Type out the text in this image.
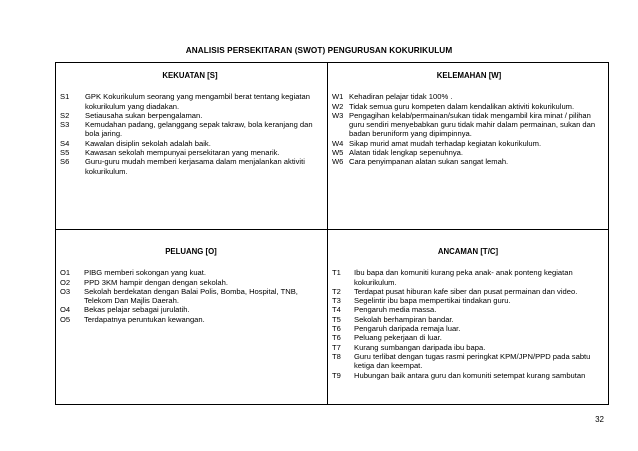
ANALISIS PERSEKITARAN (SWOT) PENGURUSAN KOKURIKULUM
KEKUATAN [S]
S1	GPK Kokurikulum seorang yang mengambil berat tentang kegiatan kokurikulum yang diadakan.
S2	Setiausaha sukan berpengalaman.
S3	Kemudahan padang, gelanggang sepak takraw, bola keranjang dan bola jaring.
S4	Kawalan disiplin sekolah adalah baik.
S5	Kawasan sekolah mempunyai persekitaran yang menarik.
S6	Guru-guru mudah memberi kerjasama dalam menjalankan aktiviti kokurikulum.
KELEMAHAN [W]
W1 Kehadiran pelajar tidak 100% .
W2 Tidak semua guru kompeten dalam kendalikan aktiviti kokurikulum.
W3 Pengagihan kelab/permainan/sukan tidak mengambil kira minat / pilihan guru sendiri menyebabkan guru tidak mahir dalam permainan, sukan dan badan beruniform yang dipimpinnya.
W4 Sikap murid amat mudah terhadap kegiatan kokurikulum.
W5 Alatan tidak lengkap sepenuhnya.
W6 Cara penyimpanan alatan sukan sangat lemah.
PELUANG [O]
O1	PIBG memberi sokongan yang kuat.
O2	PPD 3KM hampir dengan dengan sekolah.
O3	Sekolah berdekatan dengan Balai Polis, Bomba, Hospital, TNB, Telekom Dan Majlis Daerah.
O4	Bekas pelajar sebagai jurulatih.
O5	Terdapatnya peruntukan kewangan.
ANCAMAN [T/C]
T1	Ibu bapa dan komuniti kurang peka anak- anak ponteng kegiatan kokurikulum.
T2	Terdapat pusat hiburan kafe siber dan pusat permainan dan video.
T3	Segelintir ibu bapa mempertikai tindakan guru.
T4	Pengaruh media massa.
T5	Sekolah berhampiran bandar.
T6	Pengaruh daripada remaja luar.
T6	Peluang pekerjaan di luar.
T7	Kurang sumbangan daripada ibu bapa.
T8	Guru terlibat dengan tugas rasmi peringkat KPM/JPN/PPD pada sabtu ketiga dan keempat.
T9	Hubungan baik antara guru dan komuniti setempat kurang sambutan
32
